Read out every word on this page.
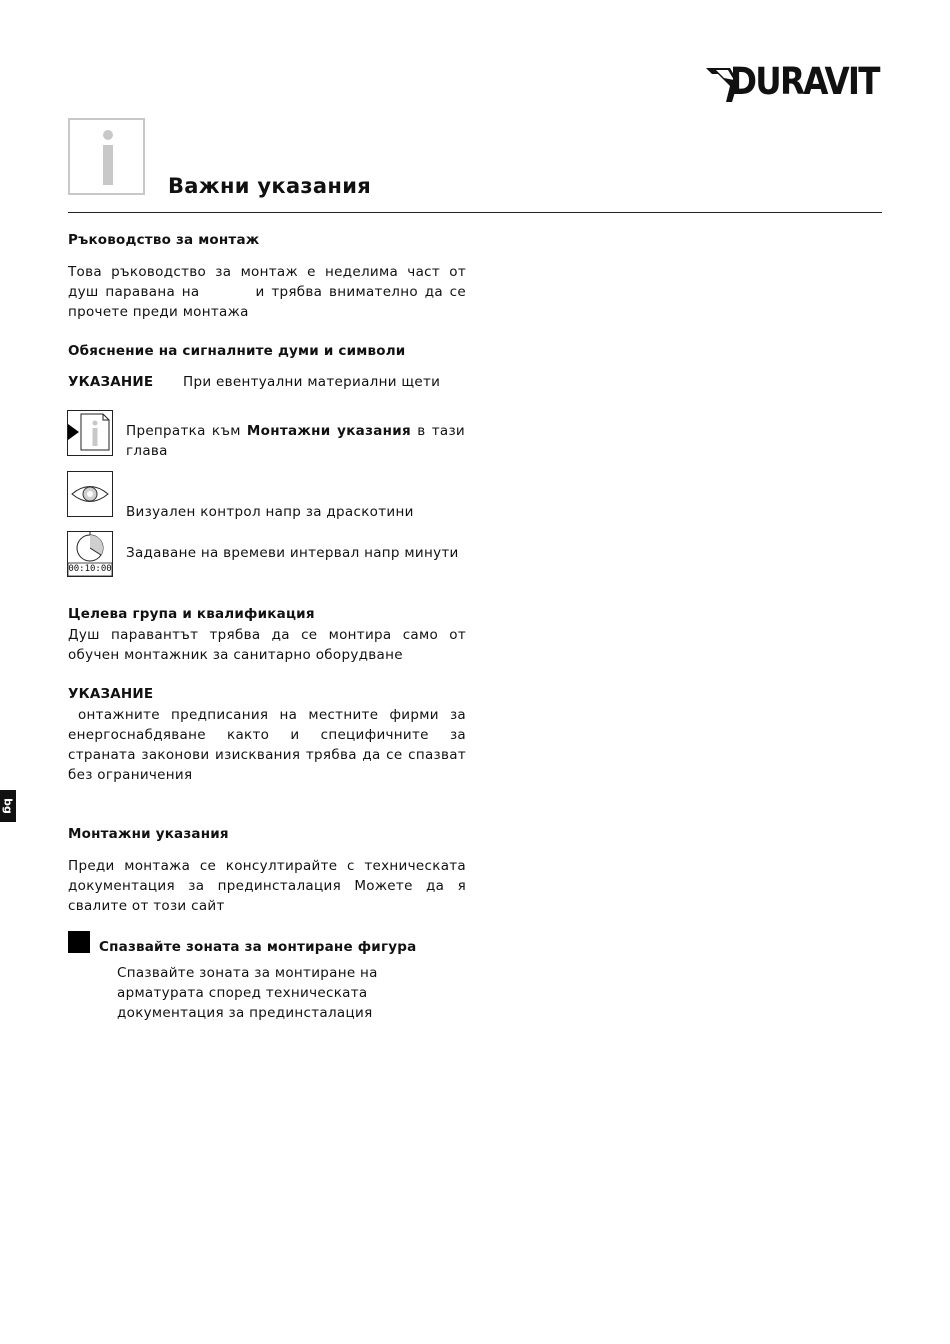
DURAVIT
Важни указания
Ръководство за монтаж
Това ръководство за монтаж е неделима част от душ паравана на	и трябва внимателно да се прочете преди монтажа
Обяснение на сигналните думи и символи
УКАЗАНИЕ При евентуални материални щети
Препратка към Монтажни указания в тази глава
Визуален контрол напр за драскотини
00:10:00
Задаване на времеви интервал напр минути
Целева група и квалификация
Душ паравантът трябва да се монтира само от обучен монтажник за санитарно оборудване
УКАЗАНИЕ
онтажните предписания на местните фирми за енергоснабдяване както и специфичните за страната законови изисквания трябва да се спазват без ограничения
bg
Монтажни указания
Преди монтажа се консултирайте с техническата документация за прединсталация Можете да я свалите от този сайт
Спазвайте зоната за монтиране фигура
Спазвайте зоната за монтиране на арматурата според техническата документация за прединсталация
